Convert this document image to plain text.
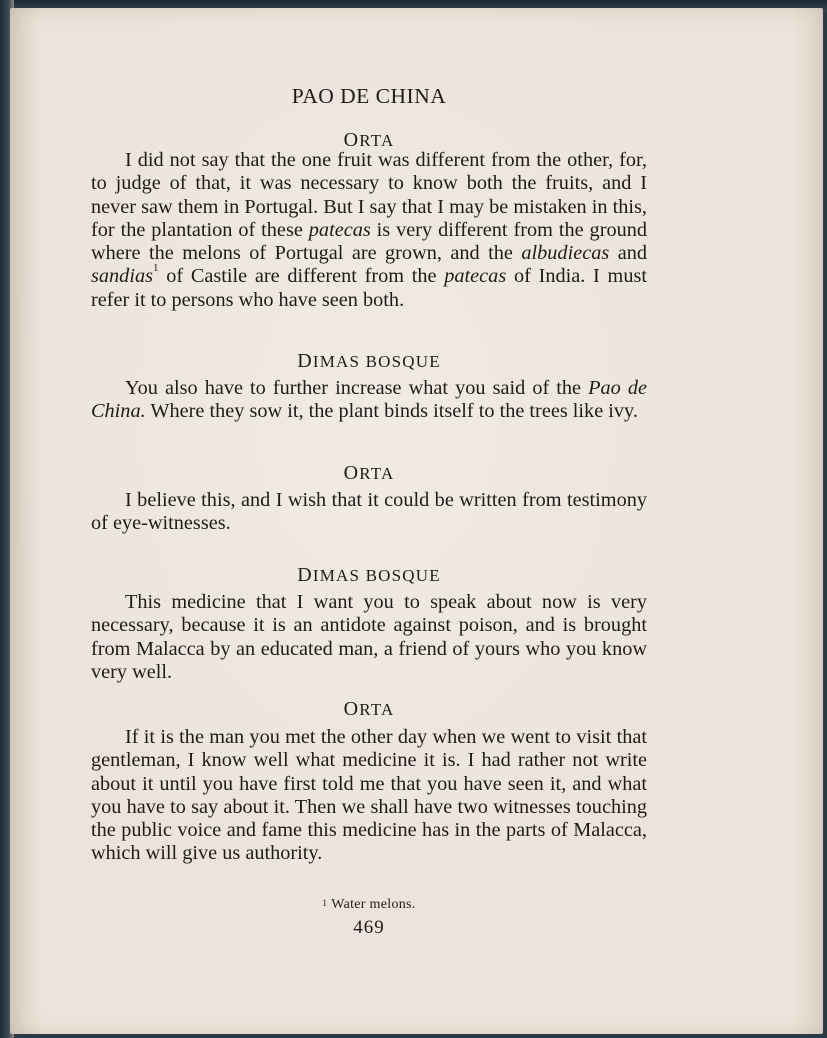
PAO DE CHINA
ORTA

I did not say that the one fruit was different from the other, for, to judge of that, it was necessary to know both the fruits, and I never saw them in Portugal. But I say that I may be mistaken in this, for the plantation of these patecas is very different from the ground where the melons of Portugal are grown, and the albudiecas and sandias$^1$ of Castile are different from the patecas of India. I must refer it to persons who have seen both.

DIMAS BOSQUE

You also have to further increase what you said of the Pao de China. Where they sow it, the plant binds itself to the trees like ivy.

ORTA

I believe this, and I wish that it could be written from testimony of eye-witnesses.

DIMAS BOSQUE

This medicine that I want you to speak about now is very necessary, because it is an antidote against poison, and is brought from Malacca by an educated man, a friend of yours who you know very well.

ORTA

If it is the man you met the other day when we went to visit that gentleman, I know well what medicine it is. I had rather not write about it until you have first told me that you have seen it, and what you have to say about it. Then we shall have two witnesses touching the public voice and fame this medicine has in the parts of Malacca, which will give us authority.

$^1$ Water melons.
469
